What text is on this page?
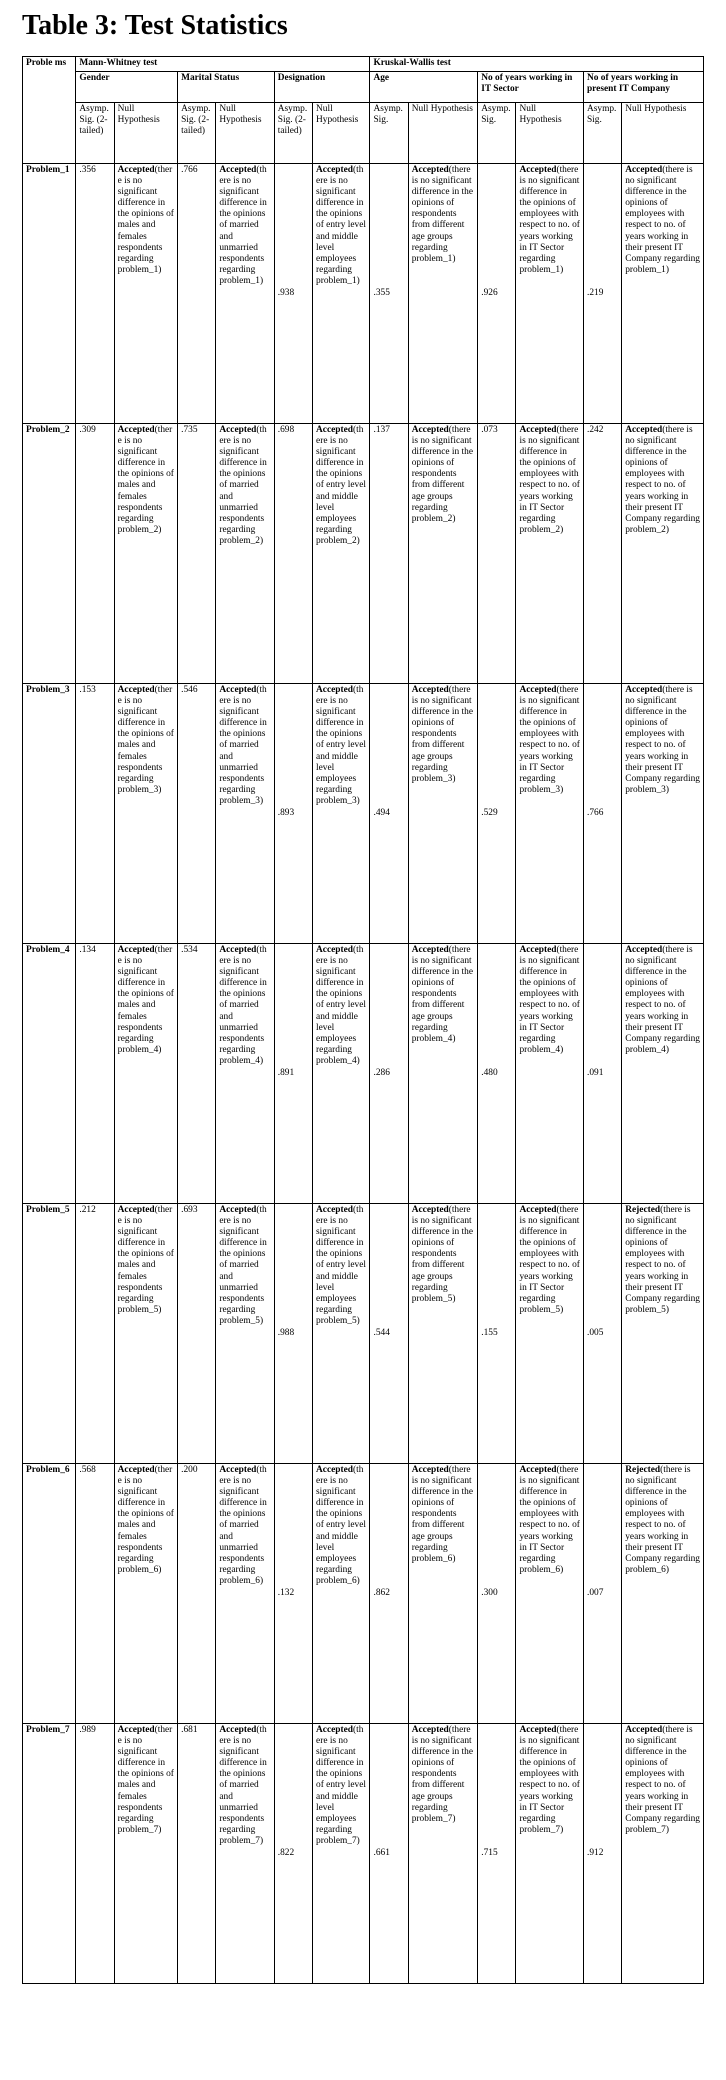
Table 3: Test Statistics
Proble ms	Mann-Whitney test						Kruskal-Wallis test					
	Gender		Marital Status		Designation		Age		No of years working in IT Sector		No of years working in present IT Company	
	Asymp. Sig. (2-tailed)	Null Hypothesis	Asymp. Sig. (2-tailed)	Null Hypothesis	Asymp. Sig. (2-tailed)	Null Hypothesis	Asymp. Sig.	Null Hypothesis	Asymp. Sig.	Null Hypothesis	Asymp. Sig.	Null Hypothesis
Problem_1	.356	Accepted(there is no significant difference in the opinions of males and females respondents regarding problem_1)	.766	Accepted(there is no significant difference in the opinions of married and unmarried respondents regarding problem_1)	.938	Accepted(there is no significant difference in the opinions of entry level and middle level employees regarding problem_1)	.355	Accepted(there is no significant difference in the opinions of respondents from different age groups regarding problem_1)	.926	Accepted(there is no significant difference in the opinions of employees with respect to no. of years working in IT Sector regarding problem_1)	.219	Accepted(there is no significant difference in the opinions of employees with respect to no. of years working in their present IT Company regarding problem_1)
Problem_2	.309	Accepted(there is no significant difference in the opinions of males and females respondents regarding problem_2)	.735	Accepted(there is no significant difference in the opinions of married and unmarried respondents regarding problem_2)	.698	Accepted(there is no significant difference in the opinions of entry level and middle level employees regarding problem_2)	.137	Accepted(there is no significant difference in the opinions of respondents from different age groups regarding problem_2)	.073	Accepted(there is no significant difference in the opinions of employees with respect to no. of years working in IT Sector regarding problem_2)	.242	Accepted(there is no significant difference in the opinions of employees with respect to no. of years working in their present IT Company regarding problem_2)
Problem_3	.153	Accepted(there is no significant difference in the opinions of males and females respondents regarding problem_3)	.546	Accepted(there is no significant difference in the opinions of married and unmarried respondents regarding problem_3)	.893	Accepted(there is no significant difference in the opinions of entry level and middle level employees regarding problem_3)	.494	Accepted(there is no significant difference in the opinions of respondents from different age groups regarding problem_3)	.529	Accepted(there is no significant difference in the opinions of employees with respect to no. of years working in IT Sector regarding problem_3)	.766	Accepted(there is no significant difference in the opinions of employees with respect to no. of years working in their present IT Company regarding problem_3)
Problem_4	.134	Accepted(there is no significant difference in the opinions of males and females respondents regarding problem_4)	.534	Accepted(there is no significant difference in the opinions of married and unmarried respondents regarding problem_4)	.891	Accepted(there is no significant difference in the opinions of entry level and middle level employees regarding problem_4)	.286	Accepted(there is no significant difference in the opinions of respondents from different age groups regarding problem_4)	.480	Accepted(there is no significant difference in the opinions of employees with respect to no. of years working in IT Sector regarding problem_4)	.091	Accepted(there is no significant difference in the opinions of employees with respect to no. of years working in their present IT Company regarding problem_4)
Problem_5	.212	Accepted(there is no significant difference in the opinions of males and females respondents regarding problem_5)	.693	Accepted(there is no significant difference in the opinions of married and unmarried respondents regarding problem_5)	.988	Accepted(there is no significant difference in the opinions of entry level and middle level employees regarding problem_5)	.544	Accepted(there is no significant difference in the opinions of respondents from different age groups regarding problem_5)	.155	Accepted(there is no significant difference in the opinions of employees with respect to no. of years working in IT Sector regarding problem_5)	.005	Rejected(there is no significant difference in the opinions of employees with respect to no. of years working in their present IT Company regarding problem_5)
Problem_6	.568	Accepted(there is no significant difference in the opinions of males and females respondents regarding problem_6)	.200	Accepted(there is no significant difference in the opinions of married and unmarried respondents regarding problem_6)	.132	Accepted(there is no significant difference in the opinions of entry level and middle level employees regarding problem_6)	.862	Accepted(there is no significant difference in the opinions of respondents from different age groups regarding problem_6)	.300	Accepted(there is no significant difference in the opinions of employees with respect to no. of years working in IT Sector regarding problem_6)	.007	Rejected(there is no significant difference in the opinions of employees with respect to no. of years working in their present IT Company regarding problem_6)
Problem_7	.989	Accepted(there is no significant difference in the opinions of males and females respondents regarding problem_7)	.681	Accepted(there is no significant difference in the opinions of married and unmarried respondents regarding problem_7)	.822	Accepted(there is no significant difference in the opinions of entry level and middle level employees regarding problem_7)	.661	Accepted(there is no significant difference in the opinions of respondents from different age groups regarding problem_7)	.715	Accepted(there is no significant difference in the opinions of employees with respect to no. of years working in IT Sector regarding problem_7)	.912	Accepted(there is no significant difference in the opinions of employees with respect to no. of years working in their present IT Company regarding problem_7)
